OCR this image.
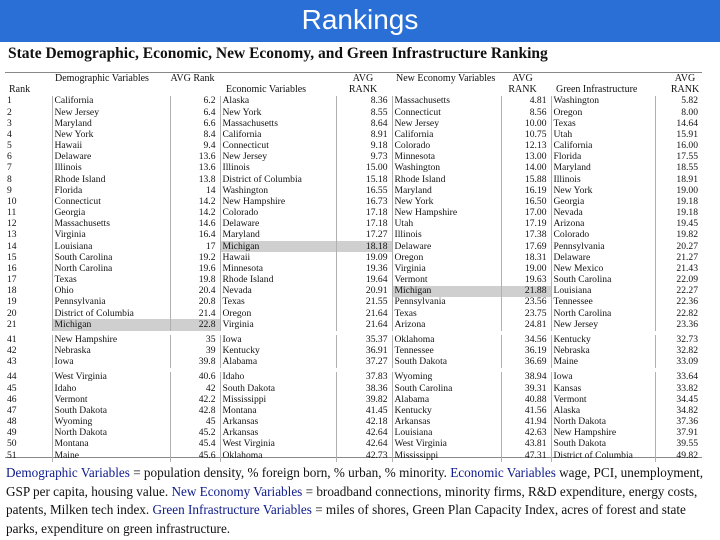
Rankings
State Demographic, Economic, New Economy, and Green Infrastructure Ranking
Rank
Demographic Variables	AVG Rank
Economic Variables
AVG RANK
New Economy Variables	AVG RANK	Green Infrastructure
AVG RANK
1	California	6.2	Alaska	8.36	Massachusetts	4.81	Washington	5.82
2	New Jersey	6.4	New York	8.55	Connecticut	8.56	Oregon	8.00
3	Maryland	6.6	Massachusetts	8.64	New Jersey	10.00	Texas	14.64
4	New York	8.4	California	8.91	California	10.75	Utah	15.91
5	Hawaii	9.4	Connecticut	9.18	Colorado	12.13	California	16.00
6	Delaware	13.6	New Jersey	9.73	Minnesota	13.00	Florida	17.55
7	Illinois	13.6	Illinois	15.00	Washington	14.00	Maryland	18.55
8	Rhode Island	13.8	District of Columbia	15.18	Rhode Island	15.88	Illinois	18.91
9	Florida	14	Washington	16.55	Maryland	16.19	New York	19.00
10	Connecticut	14.2	New Hampshire	16.73	New York	16.50	Georgia	19.18
11	Georgia	14.2	Colorado	17.18	New Hampshire	17.00	Nevada	19.18
12	Massachusetts	14.6	Delaware	17.18	Utah	17.19	Arizona	19.45
13	Virginia	16.4	Maryland	17.27	Illinois	17.38	Colorado	19.82
14	Louisiana	17	Michigan	18.18	Delaware	17.69	Pennsylvania	20.27
15	South Carolina	19.2	Hawaii	19.09	Oregon	18.31	Delaware	21.27
16	North Carolina	19.6	Minnesota	19.36	Virginia	19.00	New Mexico	21.43
17	Texas	19.8	Rhode Island	19.64	Vermont	19.63	South Carolina	22.09
18	Ohio	20.4	Nevada	20.91	Michigan	21.88	Louisiana	22.27
19	Pennsylvania	20.8	Texas	21.55	Pennsylvania	23.56	Tennessee	22.36
20	District of Columbia	21.4	Oregon	21.64	Texas	23.75	North Carolina	22.82
21	Michigan	22.8	Virginia	21.64	Arizona	24.81	New Jersey	23.36
41	New Hampshire	35	Iowa	35.37	Oklahoma	34.56	Kentucky	32.73
42	Nebraska	39	Kentucky	36.91	Tennessee	36.19	Nebraska	32.82
43	Iowa	39.8	Alabama	37.27	South Dakota	36.69	Maine	33.09
44	West Virginia	40.6	Idaho	37.83	Wyoming	38.94	Iowa	33.64
45	Idaho	42	South Dakota	38.36	South Carolina	39.31	Kansas	33.82
46	Vermont	42.2	Mississippi	39.82	Alabama	40.88	Vermont	34.45
47	South Dakota	42.8	Montana	41.45	Kentucky	41.56	Alaska	34.82
48	Wyoming	45	Arkansas	42.18	Arkansas	41.94	North Dakota	37.36
49	North Dakota	45.2	Arkansas	42.64	Louisiana	42.63	New Hampshire	37.91
50	Montana	45.4	West Virginia	42.64	West Virginia	43.81	South Dakota	39.55
51	Maine	45.6	Oklahoma	42.73	Mississippi	47.31	District of Columbia	49.82
Demographic Variables = population density, % foreign born, % urban, % minority. Economic Variables wage, PCI, unemployment, GSP per capita, housing value. New Economy Variables = broadband connections, minority firms, R&D expenditure, energy costs, patents, Milken tech index. Green Infrastructure Variables = miles of shores, Green Plan Capacity Index, acres of forest and state parks, expenditure on green infrastructure.
